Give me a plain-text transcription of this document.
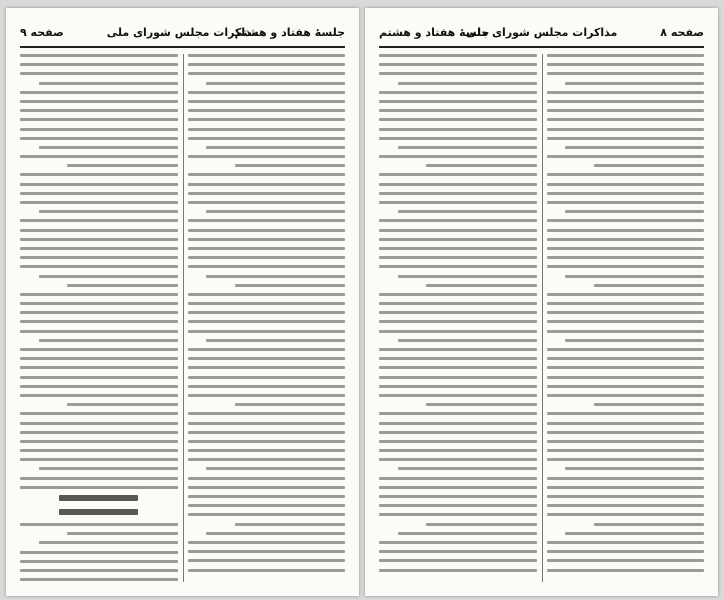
جلسهٔ هفتاد و هشتم
مذاکرات مجلس شورای ملی
صفحه ۹	صفحه ۸
مذاکرات مجلس شورای ملی
جلسهٔ هفتاد و هشتم
